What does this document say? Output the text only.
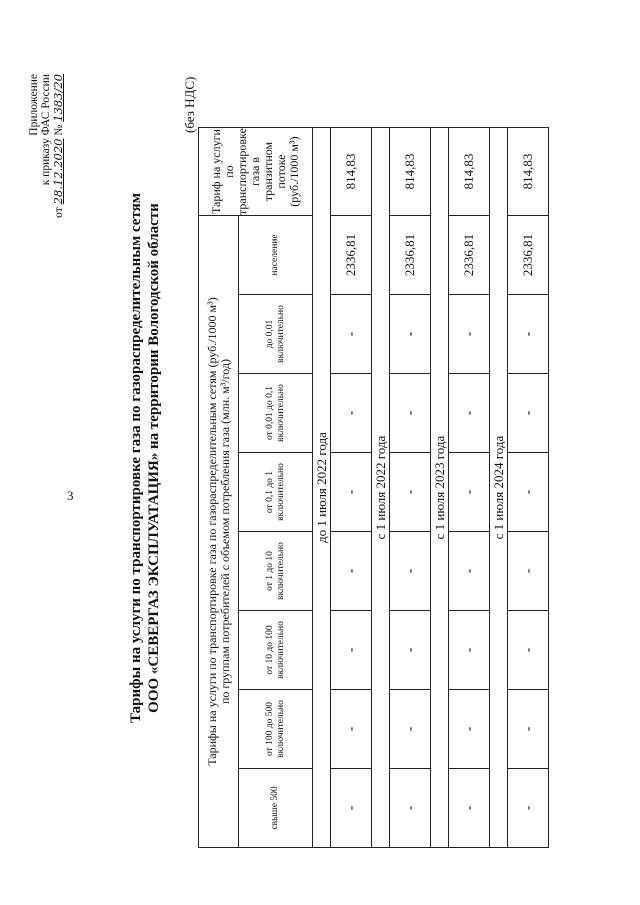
3
Приложение к приказу ФАС России
от 28.12.2020 № 1383/20
Тарифы на услуги по транспортировке газа по газораспределительным сетям ООО «СЕВЕРГАЗ ЭКСПЛУАТАЦИЯ» на территории Вологодской области
(без НДС)
Тарифы на услуги по транспортировке газа по газораспределительным сетям (руб./1000 м³) по группам потребителей с объемом потребления газа (млн. м³/год)								Тариф на услуги по транспортировке газа в транзитном потоке (руб./1000 м³)
свыше 500	от 100 до 500 включительно	от 10 до 100 включительно	от 1 до 10 включительно	от 0,1 до 1 включительно	от 0,01 до 0,1 включительно	до 0,01 включительно	население	
до 1 июля 2022 года								
-	-	-	-	-	-	-	2336,81	814,83
с 1 июля 2022 года								
-	-	-	-	-	-	-	2336,81	814,83
с 1 июля 2023 года								
-	-	-	-	-	-	-	2336,81	814,83
с 1 июля 2024 года								
-	-	-	-	-	-	-	2336,81	814,83
